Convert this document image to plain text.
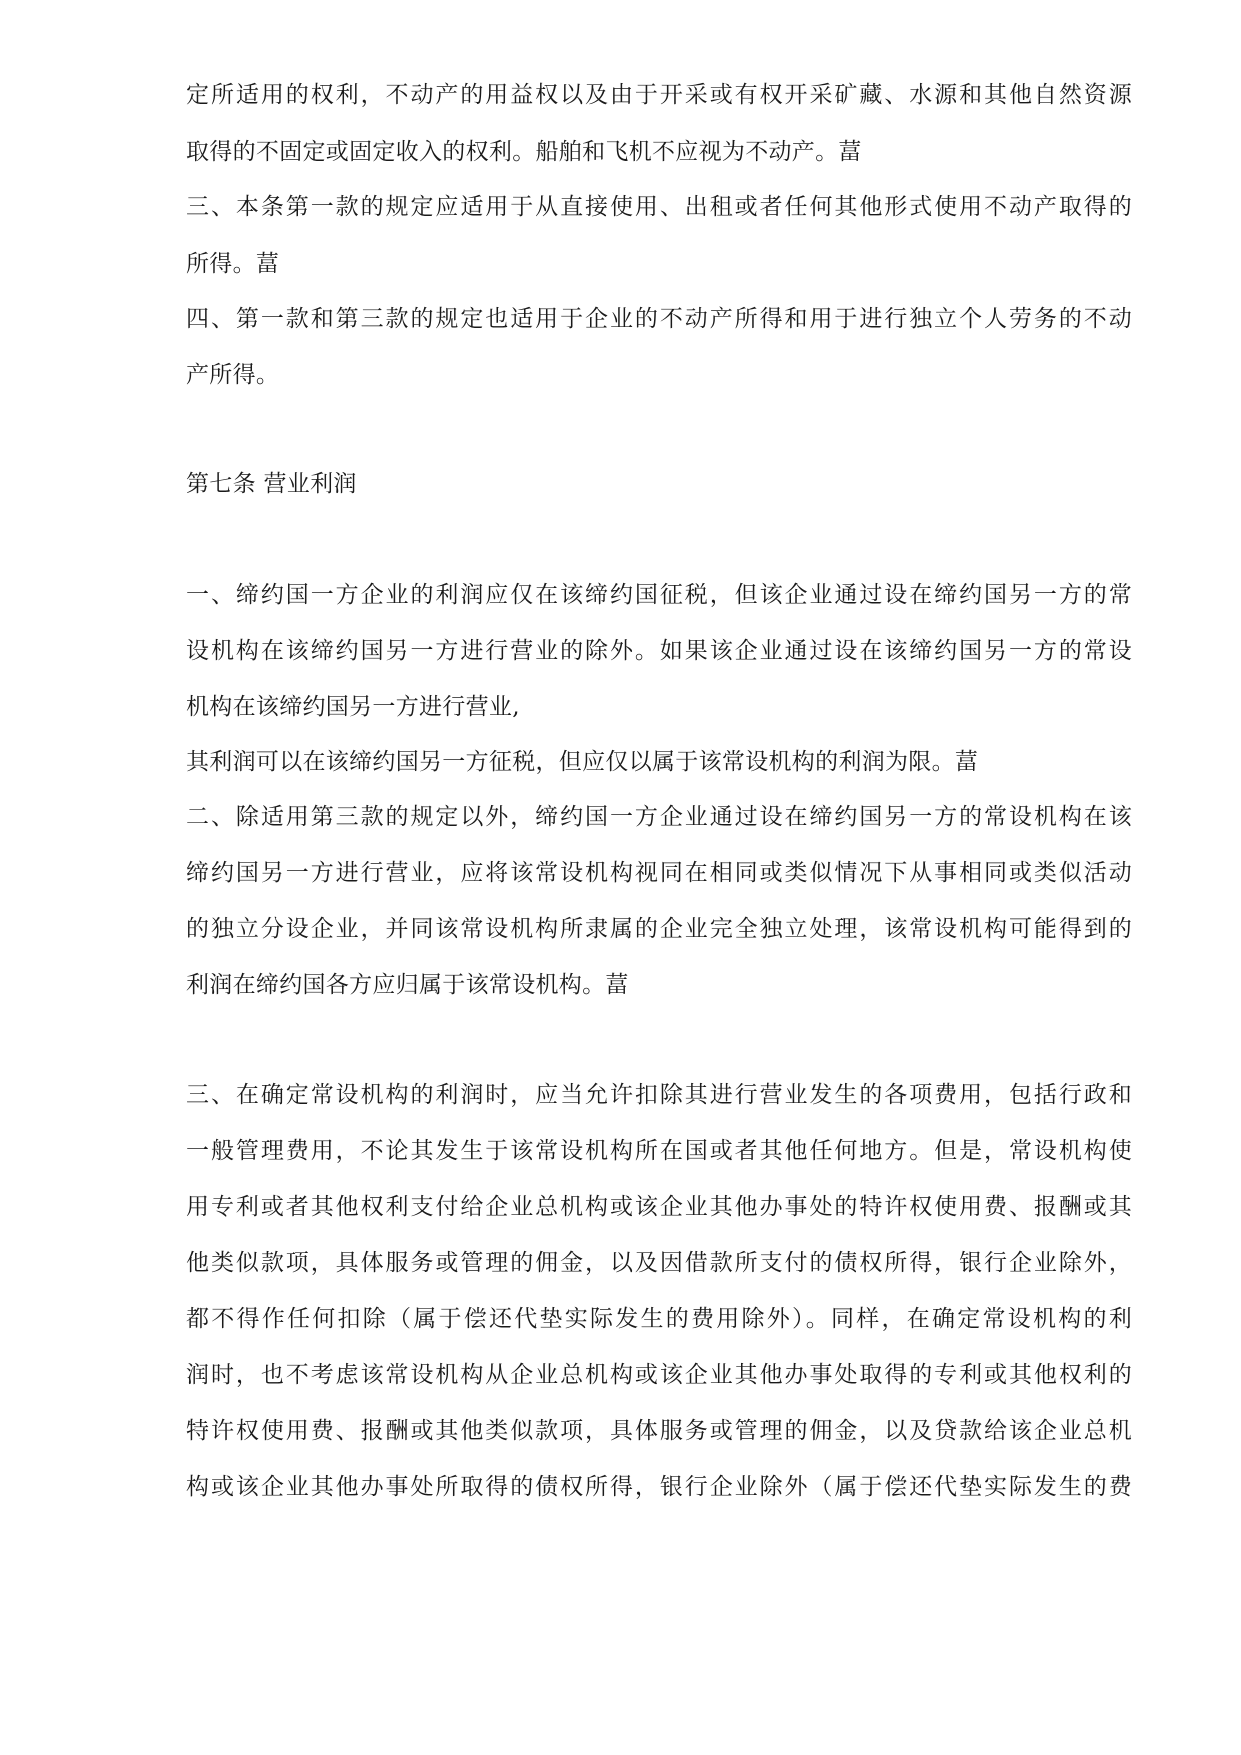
定所适用的权利，不动产的用益权以及由于开采或有权开采矿藏、水源和其他自然资源
取得的不固定或固定收入的权利。船舶和飞机不应视为不动产。葍
三、本条第一款的规定应适用于从直接使用、出租或者任何其他形式使用不动产取得的
所得。葍
四、第一款和第三款的规定也适用于企业的不动产所得和用于进行独立个人劳务的不动
产所得。
第七条 营业利润
一、缔约国一方企业的利润应仅在该缔约国征税，但该企业通过设在缔约国另一方的常
设机构在该缔约国另一方进行营业的除外。如果该企业通过设在该缔约国另一方的常设
机构在该缔约国另一方进行营业,
其利润可以在该缔约国另一方征税，但应仅以属于该常设机构的利润为限。葍
二、除适用第三款的规定以外，缔约国一方企业通过设在缔约国另一方的常设机构在该
缔约国另一方进行营业，应将该常设机构视同在相同或类似情况下从事相同或类似活动
的独立分设企业，并同该常设机构所隶属的企业完全独立处理，该常设机构可能得到的
利润在缔约国各方应归属于该常设机构。葍
三、在确定常设机构的利润时，应当允许扣除其进行营业发生的各项费用，包括行政和
一般管理费用，不论其发生于该常设机构所在国或者其他任何地方。但是，常设机构使
用专利或者其他权利支付给企业总机构或该企业其他办事处的特许权使用费、报酬或其
他类似款项，具体服务或管理的佣金，以及因借款所支付的债权所得，银行企业除外，
都不得作任何扣除（属于偿还代垫实际发生的费用除外）。同样，在确定常设机构的利
润时，也不考虑该常设机构从企业总机构或该企业其他办事处取得的专利或其他权利的
特许权使用费、报酬或其他类似款项，具体服务或管理的佣金，以及贷款给该企业总机
构或该企业其他办事处所取得的债权所得，银行企业除外（属于偿还代垫实际发生的费
